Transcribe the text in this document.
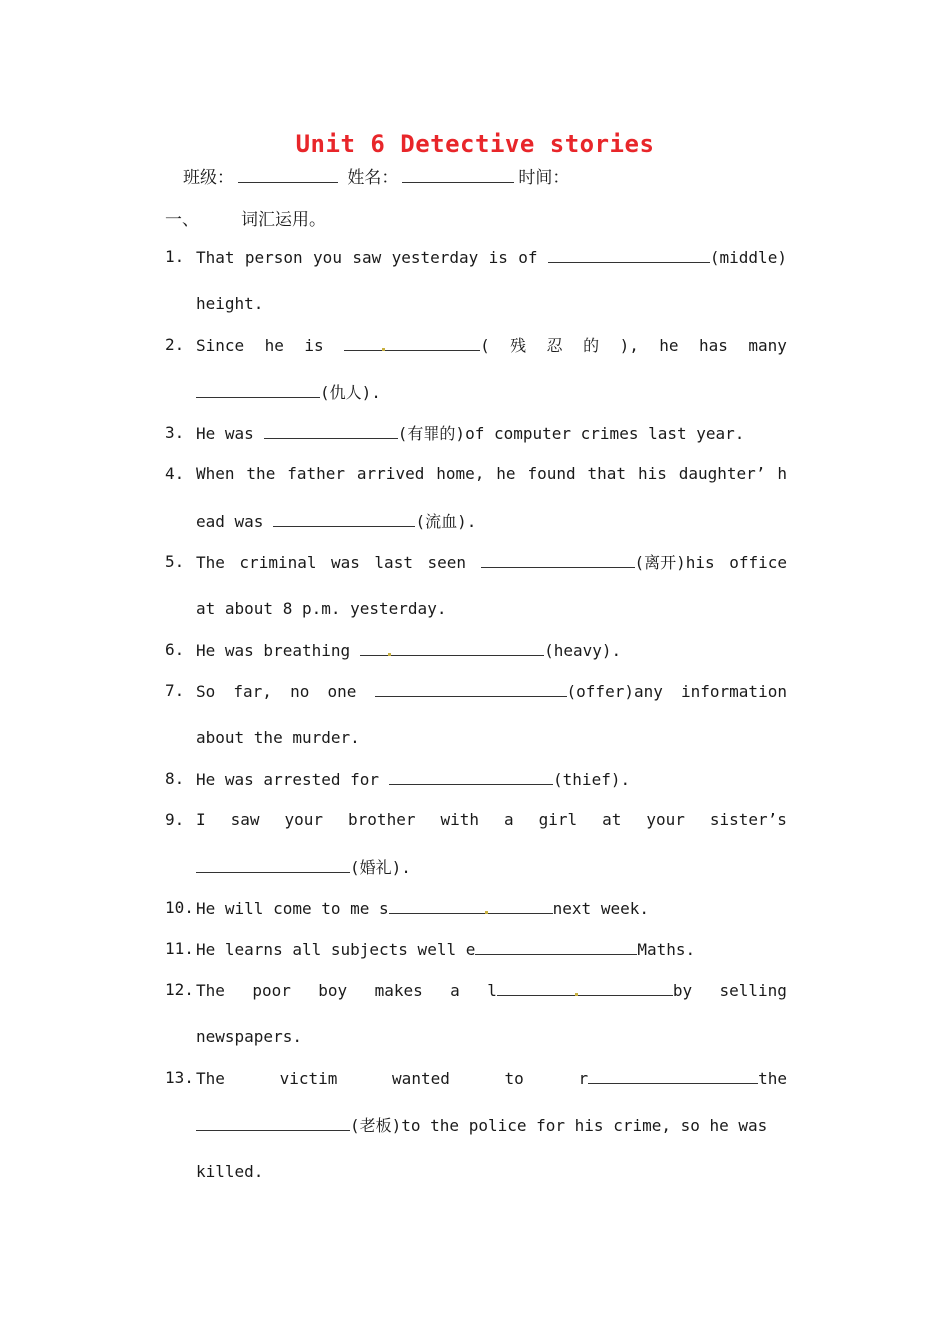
Unit 6 Detective stories
班级：	姓名：	时间：
一、 词汇运用。
1. That person you saw yesterday is of	(middle)
height.
2. Since he is	( 残 忍 的 ), he has many
(仇人).
3. He was	(有罪的)of computer crimes last year.
4. When the father arrived home, he found that his daughter’ h
ead was	(流血).
5. The criminal was last seen	(离开)his office
at about 8 p.m. yesterday.
6. He was breathing	(heavy).
7. So far, no one	(offer)any information
about the murder.
8. He was arrested for	(thief).
9. I saw your brother with a girl at your sister’s
(婚礼).
10. He will come to me s	next week.
11. He learns all subjects well e	Maths.
12. The poor boy makes a l	by selling
newspapers.
13. The	victim	wanted	to	r	the
(老板)to the police for his crime, so he was
killed.
